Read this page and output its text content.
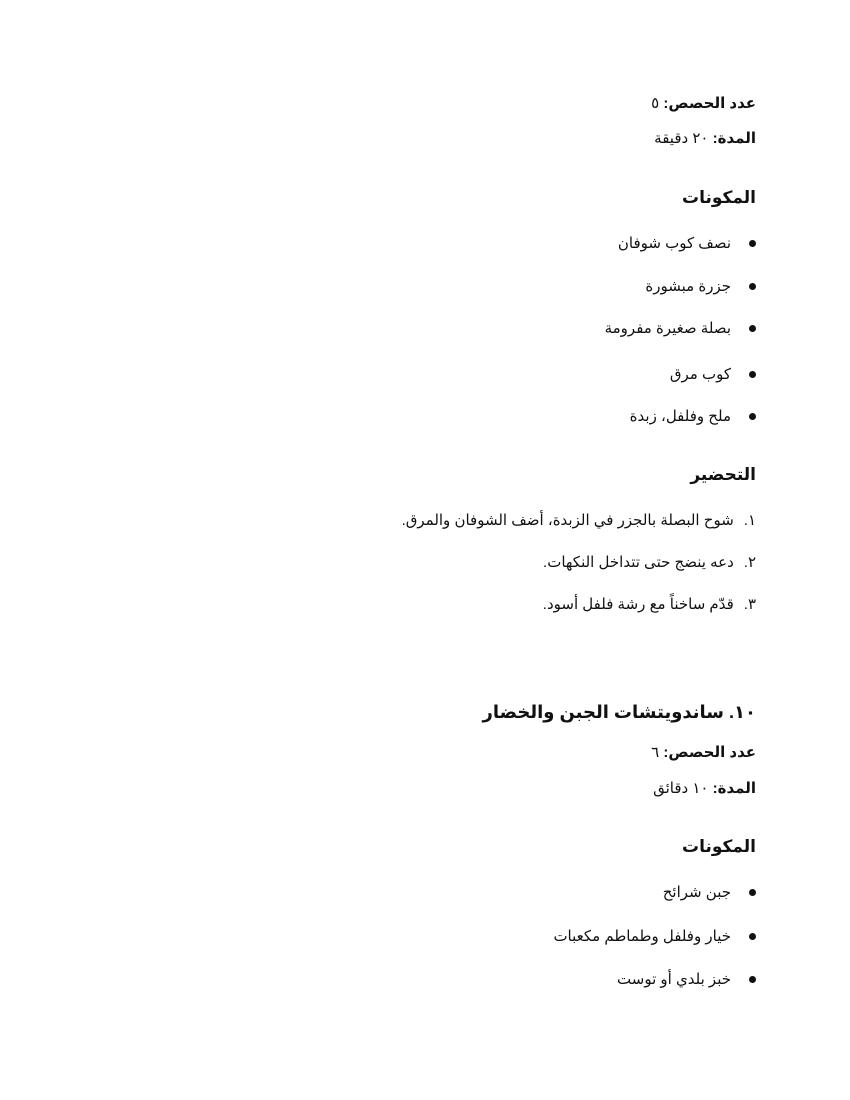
عدد الحصص: ٥

المدة: ٢٠ دقيقة

المكونات

نصف كوب شوفان
جزرة مبشورة
بصلة صغيرة مفرومة
كوب مرق
ملح وفلفل، زبدة

التحضير

١.شوح البصلة بالجزر في الزبدة، أضف الشوفان والمرق.
٢.دعه ينضج حتى تتداخل النكهات.
٣.قدّم ساخناً مع رشة فلفل أسود.

١٠. ساندويتشات الجبن والخضار

عدد الحصص: ٦

المدة: ١٠ دقائق

المكونات

جبن شرائح
خيار وفلفل وطماطم مكعبات
خبز بلدي أو توست
